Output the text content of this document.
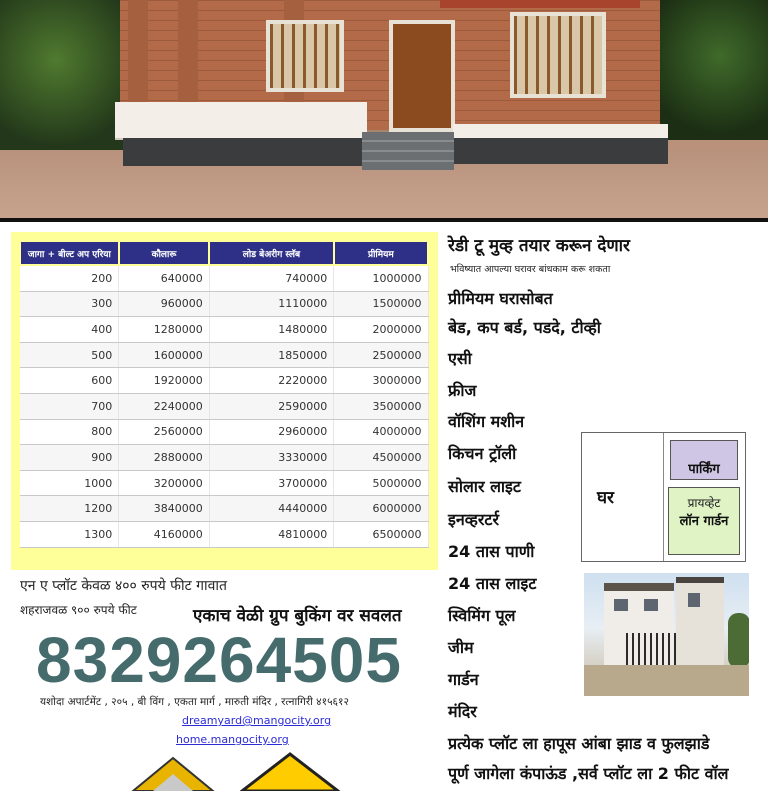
जागा + बील्ट अप एरिया	कौलारू	लोड बेअरीग स्लॅब	प्रीमियम
200	640000	740000	1000000
300	960000	1110000	1500000
400	1280000	1480000	2000000
500	1600000	1850000	2500000
600	1920000	2220000	3000000
700	2240000	2590000	3500000
800	2560000	2960000	4000000
900	2880000	3330000	4500000
1000	3200000	3700000	5000000
1200	3840000	4440000	6000000
1300	4160000	4810000	6500000
एन ए प्लॉट केवळ ४०० रुपये फीट गावात
शहराजवळ ९०० रुपये फीट	एकाच वेळी ग्रुप बुकिंग वर सवलत
8329264505
यशोदा अपार्टमेंट , २०५ , बी विंग , एकता मार्ग , मारुती मंदिर , रत्नागिरी ४१५६१२
dreamyard@mangocity.org
home.mangocity.org
रेडी टू मुव्ह तयार करून देणार
भविष्यात आपल्या घरावर बांधकाम करू शकता
प्रीमियम घरासोबत
बेड, कप बर्ड, पडदे, टीव्ही
एसी
फ्रीज
वॉशिंग मशीन
किचन ट्रॉली
सोलार लाइट
इनव्हरटर्र
24 तास पाणी
24 तास लाइट
स्विमिंग पूल
जीम
गार्डन
मंदिर
प्रत्येक प्लॉट ला हापूस आंबा झाड व फुलझाडे
पूर्ण जागेला कंपाऊंड ,सर्व प्लॉट ला 2 फीट वॉल
घर
पार्किंग
प्रायव्हेट
लॉन गार्डन
